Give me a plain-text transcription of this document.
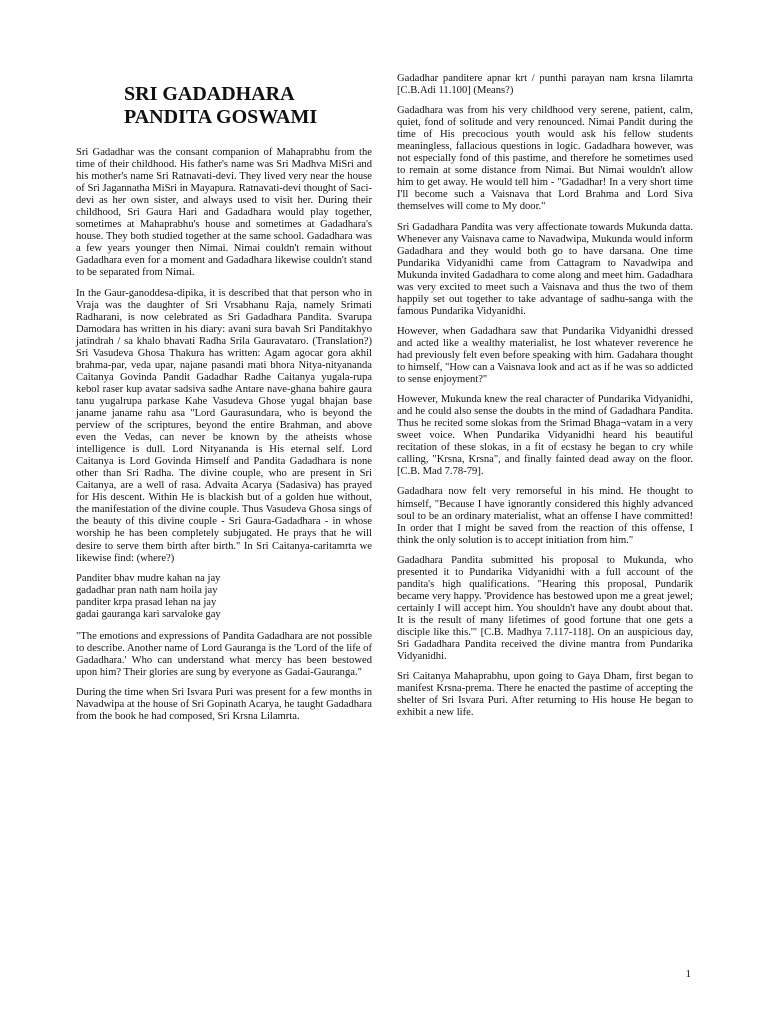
SRI GADADHARA
PANDITA GOSWAMI

Sri Gadadhar was the consant companion of Mahaprabhu from the time of their childhood. His father's name was Sri Madhva MiSri and his mother's name Sri Ratnavati-devi. They lived very near the house of Sri Jagannatha MiSri in Mayapura. Ratnavati-devi thought of Saci-devi as her own sister, and always used to visit her. During their childhood, Sri Gaura Hari and Gadadhara would play together, sometimes at Mahaprabhu's house and sometimes at Gadadhara's house. They both studied together at the same school. Gadadhara was a few years younger then Nimai. Nimai couldn't remain without Gadadhara even for a moment and Gadadhara likewise couldn't stand to be separated from Nimai.

In the Gaur-ganoddesa-dipika, it is described that that person who in Vraja was the daughter of Sri Vrsabhanu Raja, namely Srimati Radharani, is now celebrated as Sri Gadadhara Pandita. Svarupa Damodara has written in his diary: avani sura bavah Sri Panditakhyo jatindrah / sa khalo bhavati Radha Srila Gauravataro. (Translation?) Sri Vasudeva Ghosa Thakura has written: Agam agocar gora akhil brahma-par, veda upar, najane pasandi mati bhora Nitya-nityananda Caitanya Govinda Pandit Gadadhar Radhe Caitanya yugala-rupa kebol raser kup avatar sadsiva sadhe Antare nave-ghana bahire gaura tanu yugalrupa parkase Kahe Vasudeva Ghose yugal bhajan base janame janame rahu asa "Lord Gaurasundara, who is beyond the perview of the scriptures, beyond the entire Brahman, and above even the Vedas, can never be known by the atheists whose intelligence is dull. Lord Nityananda is His eternal self. Lord Caitanya is Lord Govinda Himself and Pandita Gadadhara is none other than Sri Radha. The divine couple, who are present in Sri Caitanya, are a well of rasa. Advaita Acarya (Sadasiva) has prayed for His descent. Within He is blackish but of a golden hue without, the manifestation of the divine couple. Thus Vasudeva Ghosa sings of the beauty of this divine couple - Sri Gaura-Gadadhara - in whose worship he has been completely subjugated. He prays that he will desire to serve them birth after birth." In Sri Caitanya-caritamrta we likewise find: (where?)

Panditer bhav mudre kahan na jay
gadadhar pran nath nam hoila jay
panditer krpa prasad lehan na jay
gadai gauranga kari sarvaloke gay

"The emotions and expressions of Pandita Gadadhara are not possible to describe. Another name of Lord Gauranga is the 'Lord of the life of Gadadhara.' Who can understand what mercy has been bestowed upon him? Their glories are sung by everyone as Gadai-Gauranga."

During the time when Sri Isvara Puri was present for a few months in Navadwipa at the house of Sri Gopinath Acarya, he taught Gadadhara from the book he had composed, Sri Krsna Lilamrta.

Gadadhar panditere apnar krt / punthi parayan nam krsna lilamrta [C.B.Adi 11.100] (Means?)

Gadadhara was from his very childhood very serene, patient, calm, quiet, fond of solitude and very renounced. Nimai Pandit during the time of His precocious youth would ask his fellow students meaningless, fallacious questions in logic. Gadadhara however, was not especially fond of this pastime, and therefore he sometimes used to remain at some distance from Nimai. But Nimai wouldn't allow him to get away. He would tell him - "Gadadhar! In a very short time I'll become such a Vaisnava that Lord Brahma and Lord Siva themselves will come to My door."

Sri Gadadhara Pandita was very affectionate towards Mukunda datta. Whenever any Vaisnava came to Navadwipa, Mukunda would inform Gadadhara and they would both go to have darsana. One time Pundarika Vidyanidhi came from Cattagram to Navadwipa and Mukunda invited Gadadhara to come along and meet him. Gadadhara was very excited to meet such a Vaisnava and thus the two of them happily set out together to take advantage of sadhu-sanga with the famous Pundarika Vidyanidhi.

However, when Gadadhara saw that Pundarika Vidyanidhi dressed and acted like a wealthy materialist, he lost whatever reverence he had previously felt even before speaking with him. Gadahara thought to himself, "How can a Vaisnava look and act as if he was so addicted to sense enjoyment?"

However, Mukunda knew the real character of Pundarika Vidyanidhi, and he could also sense the doubts in the mind of Gadadhara Pandita. Thus he recited some slokas from the Srimad Bhaga¬vatam in a very sweet voice. When Pundarika Vidyanidhi heard his beautiful recitation of these slokas, in a fit of ecstasy he began to cry while calling, "Krsna, Krsna", and finally fainted dead away on the floor. [C.B. Mad 7.78-79].

Gadadhara now felt very remorseful in his mind. He thought to himself, "Because I have ignorantly considered this highly advanced soul to be an ordinary materialist, what an offense I have committed! In order that I might be saved from the reaction of this offense, I think the only solution is to accept initiation from him."

Gadadhara Pandita submitted his proposal to Mukunda, who presented it to Pundarika Vidyanidhi with a full account of the pandita's high qualifications. "Hearing this proposal, Pundarik became very happy. 'Providence has bestowed upon me a great jewel; certainly I will accept him. You shouldn't have any doubt about that. It is the result of many lifetimes of good fortune that one gets a disciple like this.'" [C.B. Madhya 7.117-118]. On an auspicious day, Sri Gadadhara Pandita received the divine mantra from Pundarika Vidyanidhi.

Sri Caitanya Mahaprabhu, upon going to Gaya Dham, first began to manifest Krsna-prema. There he enacted the pastime of accepting the shelter of Sri Isvara Puri. After returning to His house He began to exhibit a new life.

1
